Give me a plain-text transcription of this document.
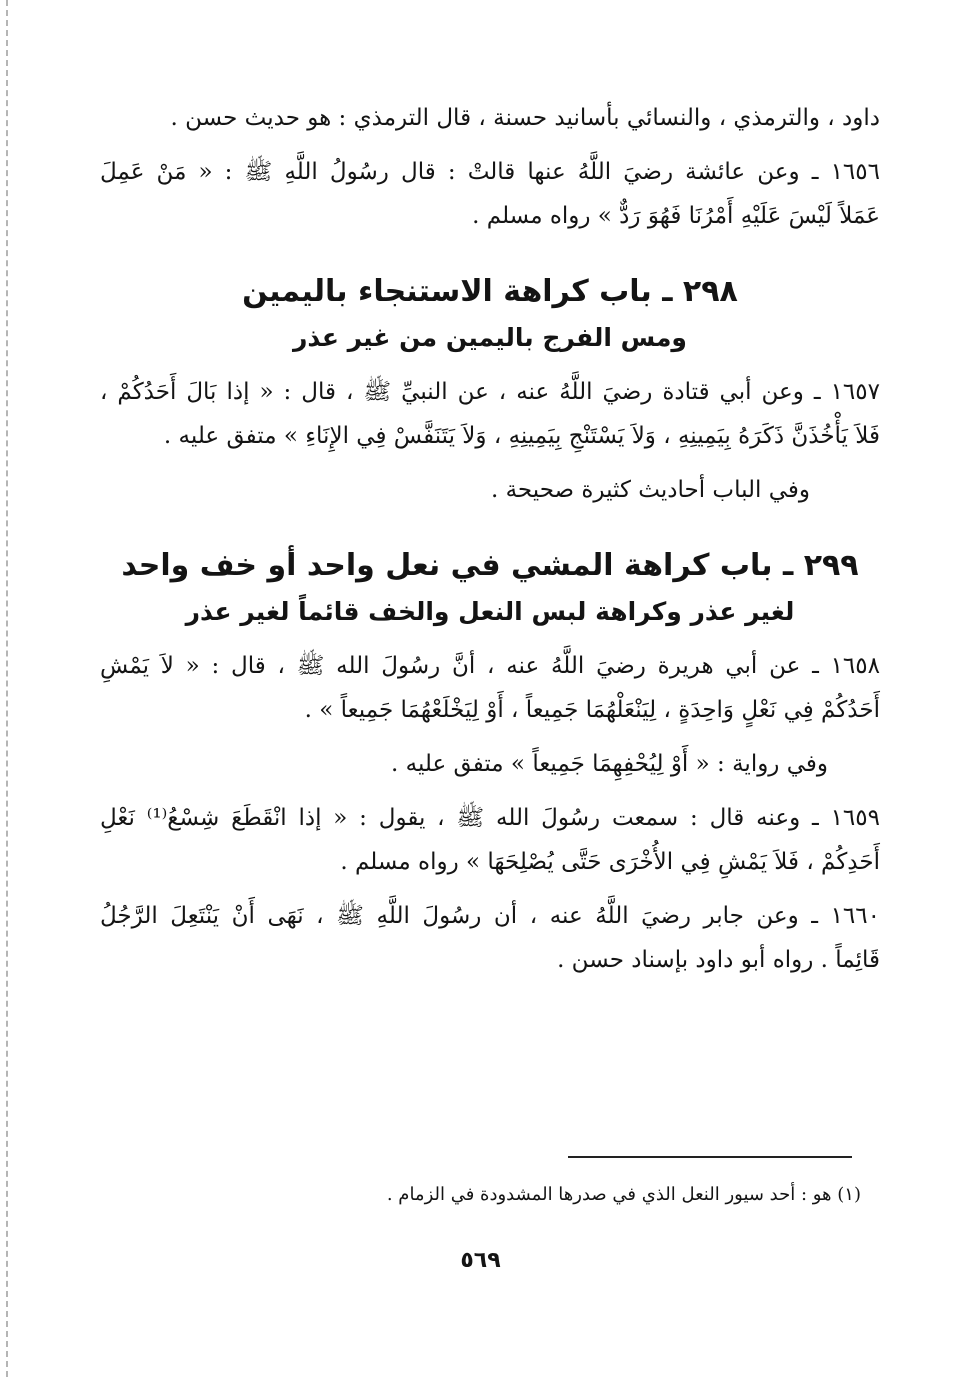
داود ، والترمذي ، والنسائي بأسانيد حسنة ، قال الترمذي : هو حديث حسن .
١٦٥٦ ـ وعن عائشة رضيَ اللَّهُ عنها قالتْ : قال رسُولُ اللَّهِ ﷺ : « مَنْ عَمِلَ
عَمَلاً لَيْسَ عَلَيْهِ أَمْرُنَا فَهُوَ رَدٌّ » رواه مسلم .
٢٩٨ ـ باب كراهة الاستنجاء باليمين
ومس الفرج باليمين من غير عذر
١٦٥٧ ـ وعن أبي قتادة رضيَ اللَّهُ عنه ، عن النبيِّ ﷺ ، قال : « إذا بَالَ أَحَدُكُمْ ،
فَلاَ يَأْخُذَنَّ ذَكَرَهُ بِيَمِينِهِ ، وَلاَ يَسْتَنْجِ بِيَمِينِهِ ، وَلاَ يَتَنَفَّسْ فِي الإِنَاءِ » متفق عليه .
وفي الباب أحاديث كثيرة صحيحة .
٢٩٩ ـ باب كراهة المشي في نعل واحد أو خف واحد
لغير عذر وكراهة لبس النعل والخف قائماً لغير عذر
١٦٥٨ ـ عن أبي هريرة رضيَ اللَّهُ عنه ، أنَّ رسُولَ الله ﷺ ، قال : « لاَ يَمْشِ
أَحَدُكُمْ فِي نَعْلٍ وَاحِدَةٍ ، لِيَنْعَلْهُمَا جَمِيعاً ، أَوْ لِيَخْلَعْهُمَا جَمِيعاً » .
وفي رواية : « أَوْ لِيُحْفِهِمَا جَمِيعاً » متفق عليه .
١٦٥٩ ـ وعنه قال : سمعت رسُولَ الله ﷺ ، يقول : « إذا انْقَطَعَ شِسْعُ⁽¹⁾ نَعْلِ
أَحَدِكُمْ ، فَلاَ يَمْشِ فِي الأُخْرَى حَتَّى يُصْلِحَهَا » رواه مسلم .
١٦٦٠ ـ وعن جابر رضيَ اللَّهُ عنه ، أن رسُولَ اللَّهِ ﷺ ، نَهَى أَنْ يَنْتَعِلَ الرَّجُلُ
قَائِماً . رواه أبو داود بإسناد حسن .
(١) هو : أحد سيور النعل الذي في صدرها المشدودة في الزمام .
٥٦٩
